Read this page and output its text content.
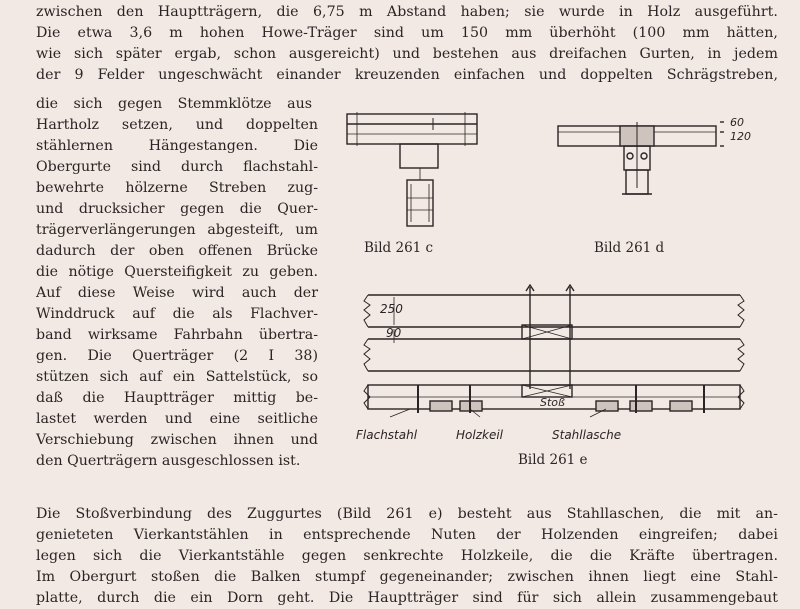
zwischen den Hauptträgern, die 6,75 m Abstand haben; sie wurde in Holz ausgeführt.
Die etwa 3,6 m hohen Howe-Träger sind um 150 mm überhöht (100 mm hätten,
wie sich später ergab, schon ausgereicht) und bestehen aus dreifachen Gurten, in jedem
der 9 Felder ungeschwächt einander kreuzenden einfachen und doppelten Schrägstreben,
die sich gegen Stemmklötze aus
Hartholz setzen, und doppelten
stählernen Hängestangen. Die
Obergurte sind durch flachstahl-
bewehrte hölzerne Streben zug-
und drucksicher gegen die Quer-
trägerverlängerungen abgesteift, um
dadurch der oben offenen Brücke
die nötige Quersteifigkeit zu geben.
Auf diese Weise wird auch der
Winddruck auf die als Flachver-
band wirksame Fahrbahn übertra-
gen. Die Querträger (2 I 38)
stützen sich auf ein Sattelstück, so
daß die Hauptträger mittig be-
lastet werden und eine seitliche
Verschiebung zwischen ihnen und
den Querträgern ausgeschlossen ist.
Bild 261 c
60
120
Bild 261 d
250
90
Stoß
Flachstahl	Holzkeil	Stahllasche
Bild 261 e
Die Stoßverbindung des Zuggurtes (Bild 261 e) besteht aus Stahllaschen, die mit an-
genieteten Vierkantstählen in entsprechende Nuten der Holzenden eingreifen; dabei
legen sich die Vierkantstähle gegen senkrechte Holzkeile, die die Kräfte übertragen.
Im Obergurt stoßen die Balken stumpf gegeneinander; zwischen ihnen liegt eine Stahl-
platte, durch die ein Dorn geht. Die Hauptträger sind für sich allein zusammengebaut
